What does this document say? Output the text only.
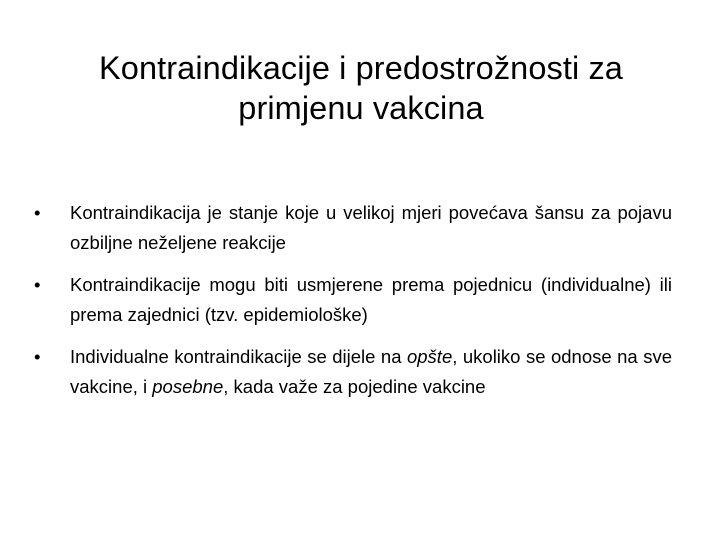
Kontraindikacije i predostrožnosti za
primjenu vakcina
•	Kontraindikacija je stanje koje u velikoj mjeri povećava šansu za pojavu ozbiljne neželjene reakcije
•	Kontraindikacije mogu biti usmjerene prema pojednicu (individualne) ili prema zajednici (tzv. epidemiološke)
•	Individualne kontraindikacije se dijele na opšte, ukoliko se odnose na sve vakcine, i posebne, kada važe za pojedine vakcine
